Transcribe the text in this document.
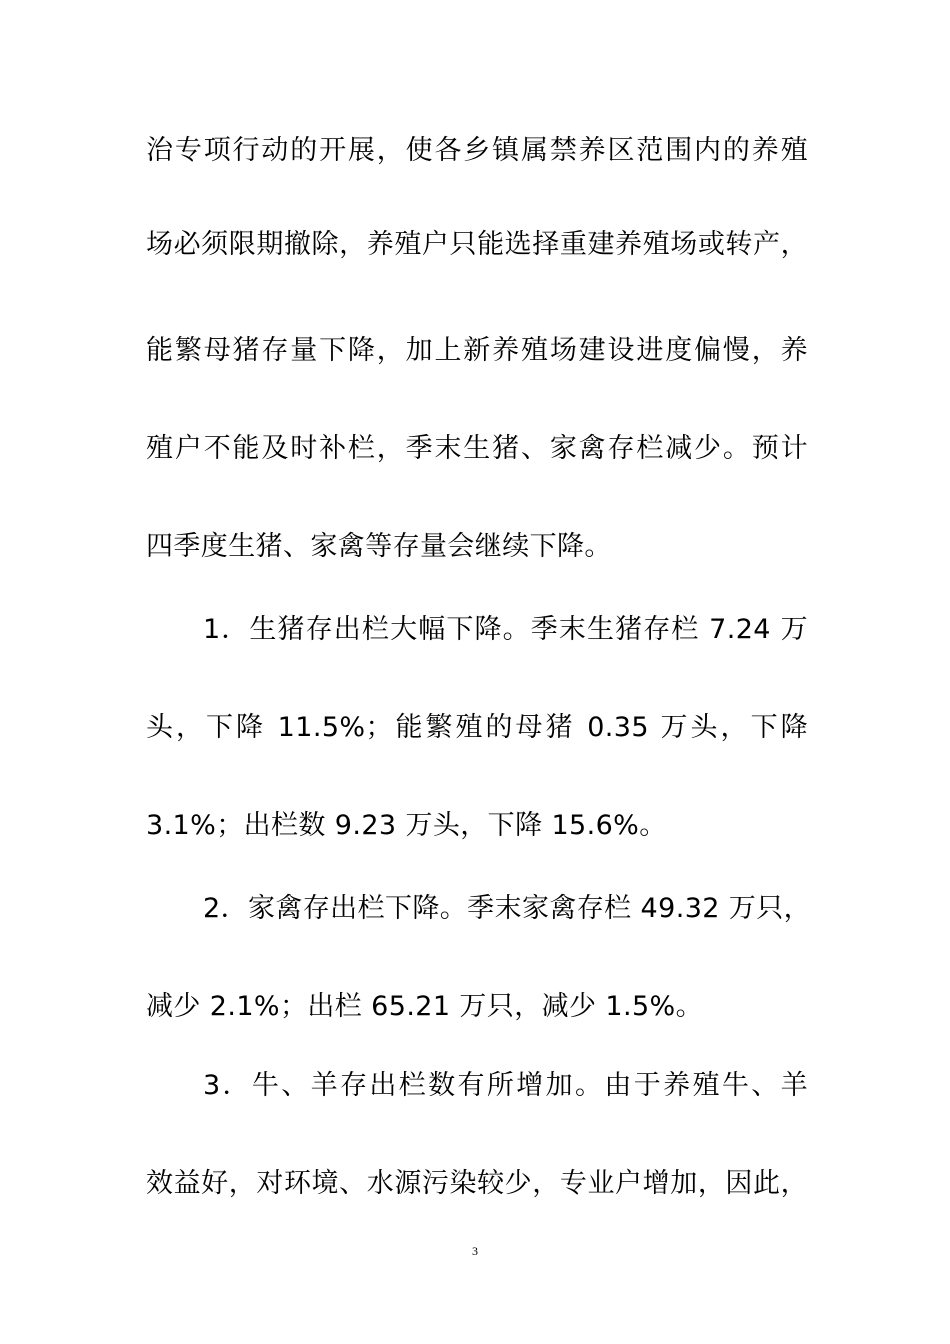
治专项行动的开展，使各乡镇属禁养区范围内的养殖
场必须限期撤除，养殖户只能选择重建养殖场或转产，
能繁母猪存量下降，加上新养殖场建设进度偏慢，养
殖户不能及时补栏，季末生猪、家禽存栏减少。预计
四季度生猪、家禽等存量会继续下降。
1．生猪存出栏大幅下降。季末生猪存栏 7.24 万
头，下降 11.5%；能繁殖的母猪 0.35 万头，下降
3.1%；出栏数 9.23 万头，下降 15.6%。
2．家禽存出栏下降。季末家禽存栏 49.32 万只，
减少 2.1%；出栏 65.21 万只，减少 1.5%。
3．牛、羊存出栏数有所增加。由于养殖牛、羊
效益好，对环境、水源污染较少，专业户增加，因此，
3
